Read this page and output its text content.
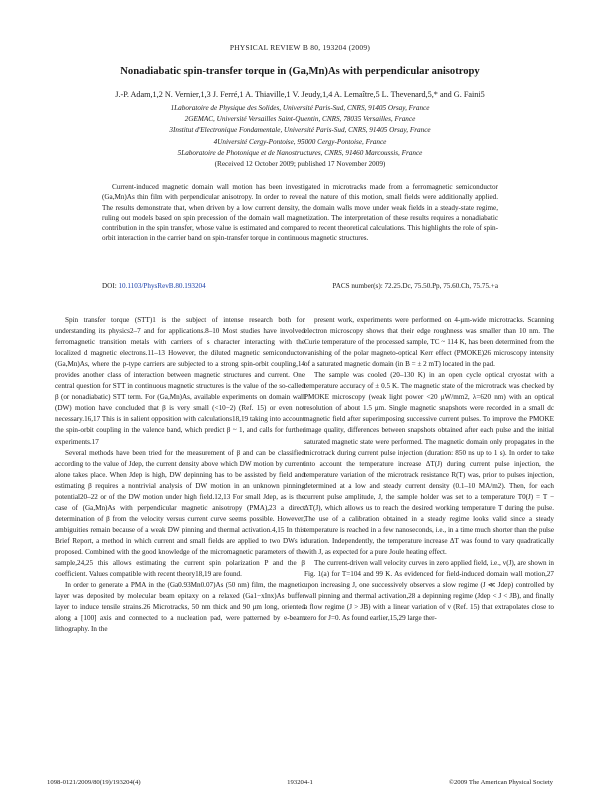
PHYSICAL REVIEW B 80, 193204 (2009)
Nonadiabatic spin-transfer torque in (Ga,Mn)As with perpendicular anisotropy
J.-P. Adam,1,2 N. Vernier,1,3 J. Ferré,1 A. Thiaville,1 V. Jeudy,1,4 A. Lemaître,5 L. Thevenard,5,* and G. Faini5
1Laboratoire de Physique des Solides, Université Paris-Sud, CNRS, 91405 Orsay, France
2GEMAC, Université Versailles Saint-Quentin, CNRS, 78035 Versailles, France
3Institut d'Electronique Fondamentale, Université Paris-Sud, CNRS, 91405 Orsay, France
4Université Cergy-Pontoise, 95000 Cergy-Pontoise, France
5Laboratoire de Photonique et de Nanostructures, CNRS, 91460 Marcoussis, France
(Received 12 October 2009; published 17 November 2009)
Current-induced magnetic domain wall motion has been investigated in microtracks made from a ferromagnetic semiconductor (Ga,Mn)As thin film with perpendicular anisotropy. In order to reveal the nature of this motion, small fields were additionally applied. The results demonstrate that, when driven by a low current density, the domain walls move under weak fields in a steady-state regime, ruling out models based on spin precession of the domain wall magnetization. The interpretation of these results requires a nonadiabatic contribution in the spin transfer, whose value is estimated and compared to recent theoretical calculations. This highlights the role of spin-orbit interaction in the carrier band on spin-transfer torque in continuous magnetic structures.
DOI: 10.1103/PhysRevB.80.193204	PACS number(s): 72.25.Dc, 75.50.Pp, 75.60.Ch, 75.75.+a

Spin transfer torque (STT)1 is the subject of intense research both for understanding its physics2–7 and for applications.8–10 Most studies have involved ferromagnetic transition metals with carriers of s character interacting with the localized d magnetic electrons.11–13 However, the diluted magnetic semiconductor (Ga,Mn)As, where the p-type carriers are subjected to a strong spin-orbit coupling,14 provides another class of interaction between magnetic structures and current. One central question for STT in continuous magnetic structures is the value of the so-called β (or nonadiabatic) STT term. For (Ga,Mn)As, available experiments on domain wall (DW) motion have concluded that β is very small (<10−2) (Ref. 15) or even not necessary.16,17 This is in salient opposition with calculations18,19 taking into account the spin-orbit coupling in the valence band, which predict β ~ 1, and calls for further experiments.17

Several methods have been tried for the measurement of β and can be classified according to the value of Jdep, the current density above which DW motion by current alone takes place. When Jdep is high, DW depinning has to be assisted by field and estimating β requires a nontrivial analysis of DW motion in an unknown pinning potential20–22 or of the DW motion under high field.12,13 For small Jdep, as is the case of (Ga,Mn)As with perpendicular magnetic anisotropy (PMA),23 a direct determination of β from the velocity versus current curve seems possible. However, ambiguities remain because of a weak DW pinning and thermal activation.4,15 In this Brief Report, a method in which current and small fields are applied to two DWs is proposed. Combined with the good knowledge of the micromagnetic parameters of the sample,24,25 this allows estimating the current spin polarization P and the β coefficient. Values compatible with recent theory18,19 are found.

In order to generate a PMA in the (Ga0.93Mn0.07)As (50 nm) film, the magnetic layer was deposited by molecular beam epitaxy on a relaxed (Ga1−xInx)As buffer layer to induce tensile strains.26 Microtracks, 50 nm thick and 90 μm long, oriented along a [100] axis and connected to a nucleation pad, were patterned by e-beam lithography. In the

present work, experiments were performed on 4-μm-wide microtracks. Scanning electron microscopy shows that their edge roughness was smaller than 10 nm. The Curie temperature of the processed sample, TC ~ 114 K, has been determined from the vanishing of the polar magneto-optical Kerr effect (PMOKE)26 microscopy intensity of a saturated magnetic domain (in B = ± 2 mT) located in the pad.

The sample was cooled (20–130 K) in an open cycle optical cryostat with a temperature accuracy of ± 0.5 K. The magnetic state of the microtrack was checked by PMOKE microscopy (weak light power <20 μW/mm2, λ=620 nm) with an optical resolution of about 1.5 μm. Single magnetic snapshots were recorded in a small dc magnetic field after superimposing successive current pulses. To improve the PMOKE image quality, differences between snapshots obtained after each pulse and the initial saturated magnetic state were performed. The magnetic domain only propagates in the microtrack during current pulse injection (duration: 850 ns up to 1 s). In order to take into account the temperature increase ΔT(J) during current pulse injection, the temperature variation of the microtrack resistance R(T) was, prior to pulses injection, determined at a low and steady current density (0.1–10 MA/m2). Then, for each current pulse amplitude, J, the sample holder was set to a temperature T0(J) = T − ΔT(J), which allows us to reach the desired working temperature T during the pulse. The use of a calibration obtained in a steady regime looks valid since a steady temperature is reached in a few nanoseconds, i.e., in a time much shorter than the pulse duration. Independently, the temperature increase ΔT was found to vary quadratically with J, as expected for a pure Joule heating effect.

The current-driven wall velocity curves in zero applied field, i.e., v(J), are shown in Fig. 1(a) for T=104 and 99 K. As evidenced for field-induced domain wall motion,27 upon increasing J, one successively observes a slow regime (J ≪ Jdep) controlled by wall pinning and thermal activation,28 a depinning regime (Jdep < J < JB), and finally a flow regime (J > JB) with a linear variation of v (Ref. 15) that extrapolates close to zero for J=0. As found earlier,15,29 large ther-

1098-0121/2009/80(19)/193204(4)	193204-1	©2009 The American Physical Society
